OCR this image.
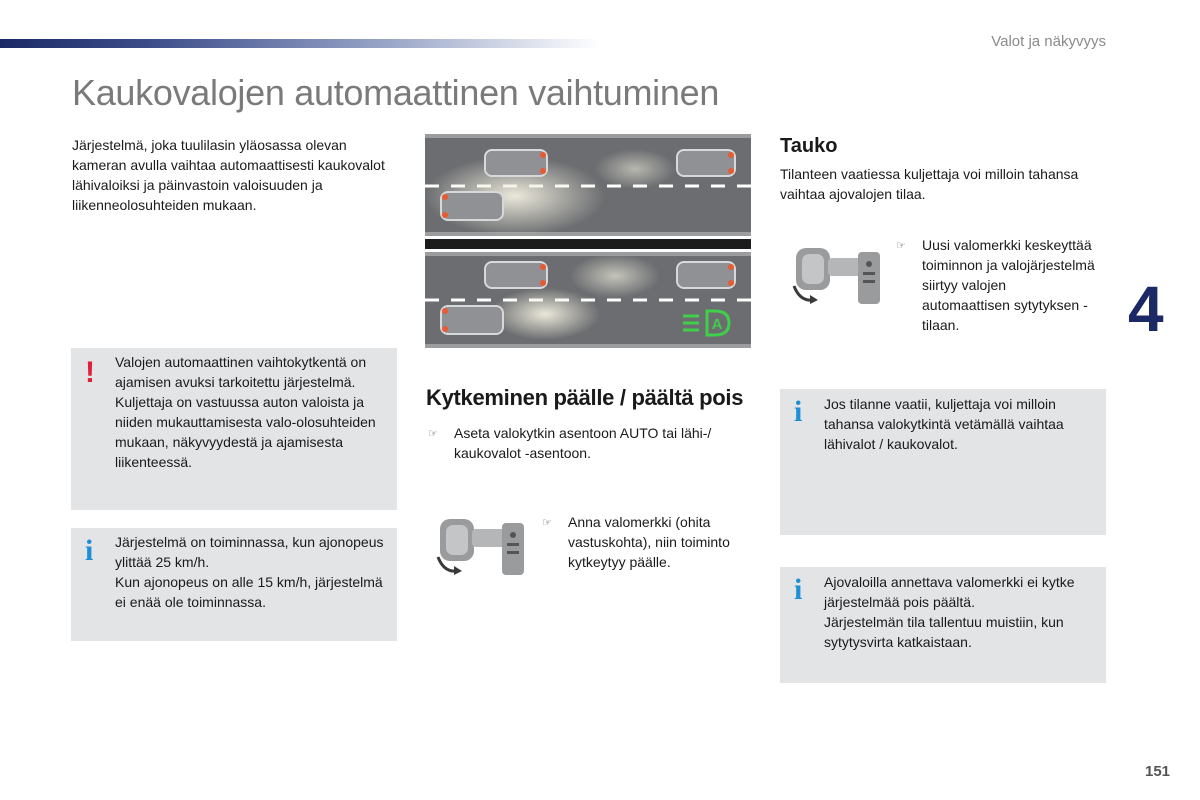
Valot ja näkyvyys
Kaukovalojen automaattinen vaihtuminen
4
151

Järjestelmä, joka tuulilasin yläosassa olevan kameran avulla vaihtaa automaattisesti kaukovalot lähivaloiksi ja päinvastoin valoisuuden ja liikenneolosuhteiden mukaan.

! Valojen automaattinen vaihtokytkentä on ajamisen avuksi tarkoitettu järjestelmä.
Kuljettaja on vastuussa auton valoista ja niiden mukauttamisesta valo-olosuhteiden mukaan, näkyvyydestä ja ajamisesta liikenteessä.
i Järjestelmä on toiminnassa, kun ajonopeus ylittää 25 km/h.
Kun ajonopeus on alle 15 km/h, järjestelmä ei enää ole toiminnassa.
A
Kytkeminen päälle / päältä pois
☞	Aseta valokytkin asentoon AUTO tai lähi-/ kaukovalot -asentoon.
☞	Anna valomerkki (ohita vastuskohta), niin toiminto kytkeytyy päälle.
Tauko

Tilanteen vaatiessa kuljettaja voi milloin tahansa vaihtaa ajovalojen tilaa.

☞	Uusi valomerkki keskeyttää toiminnon ja valojärjestelmä siirtyy valojen automaattisen sytytyksen -tilaan.
i Jos tilanne vaatii, kuljettaja voi milloin tahansa valokytkintä vetämällä vaihtaa lähivalot / kaukovalot.
i Ajovaloilla annettava valomerkki ei kytke järjestelmää pois päältä.
Järjestelmän tila tallentuu muistiin, kun sytytysvirta katkaistaan.
